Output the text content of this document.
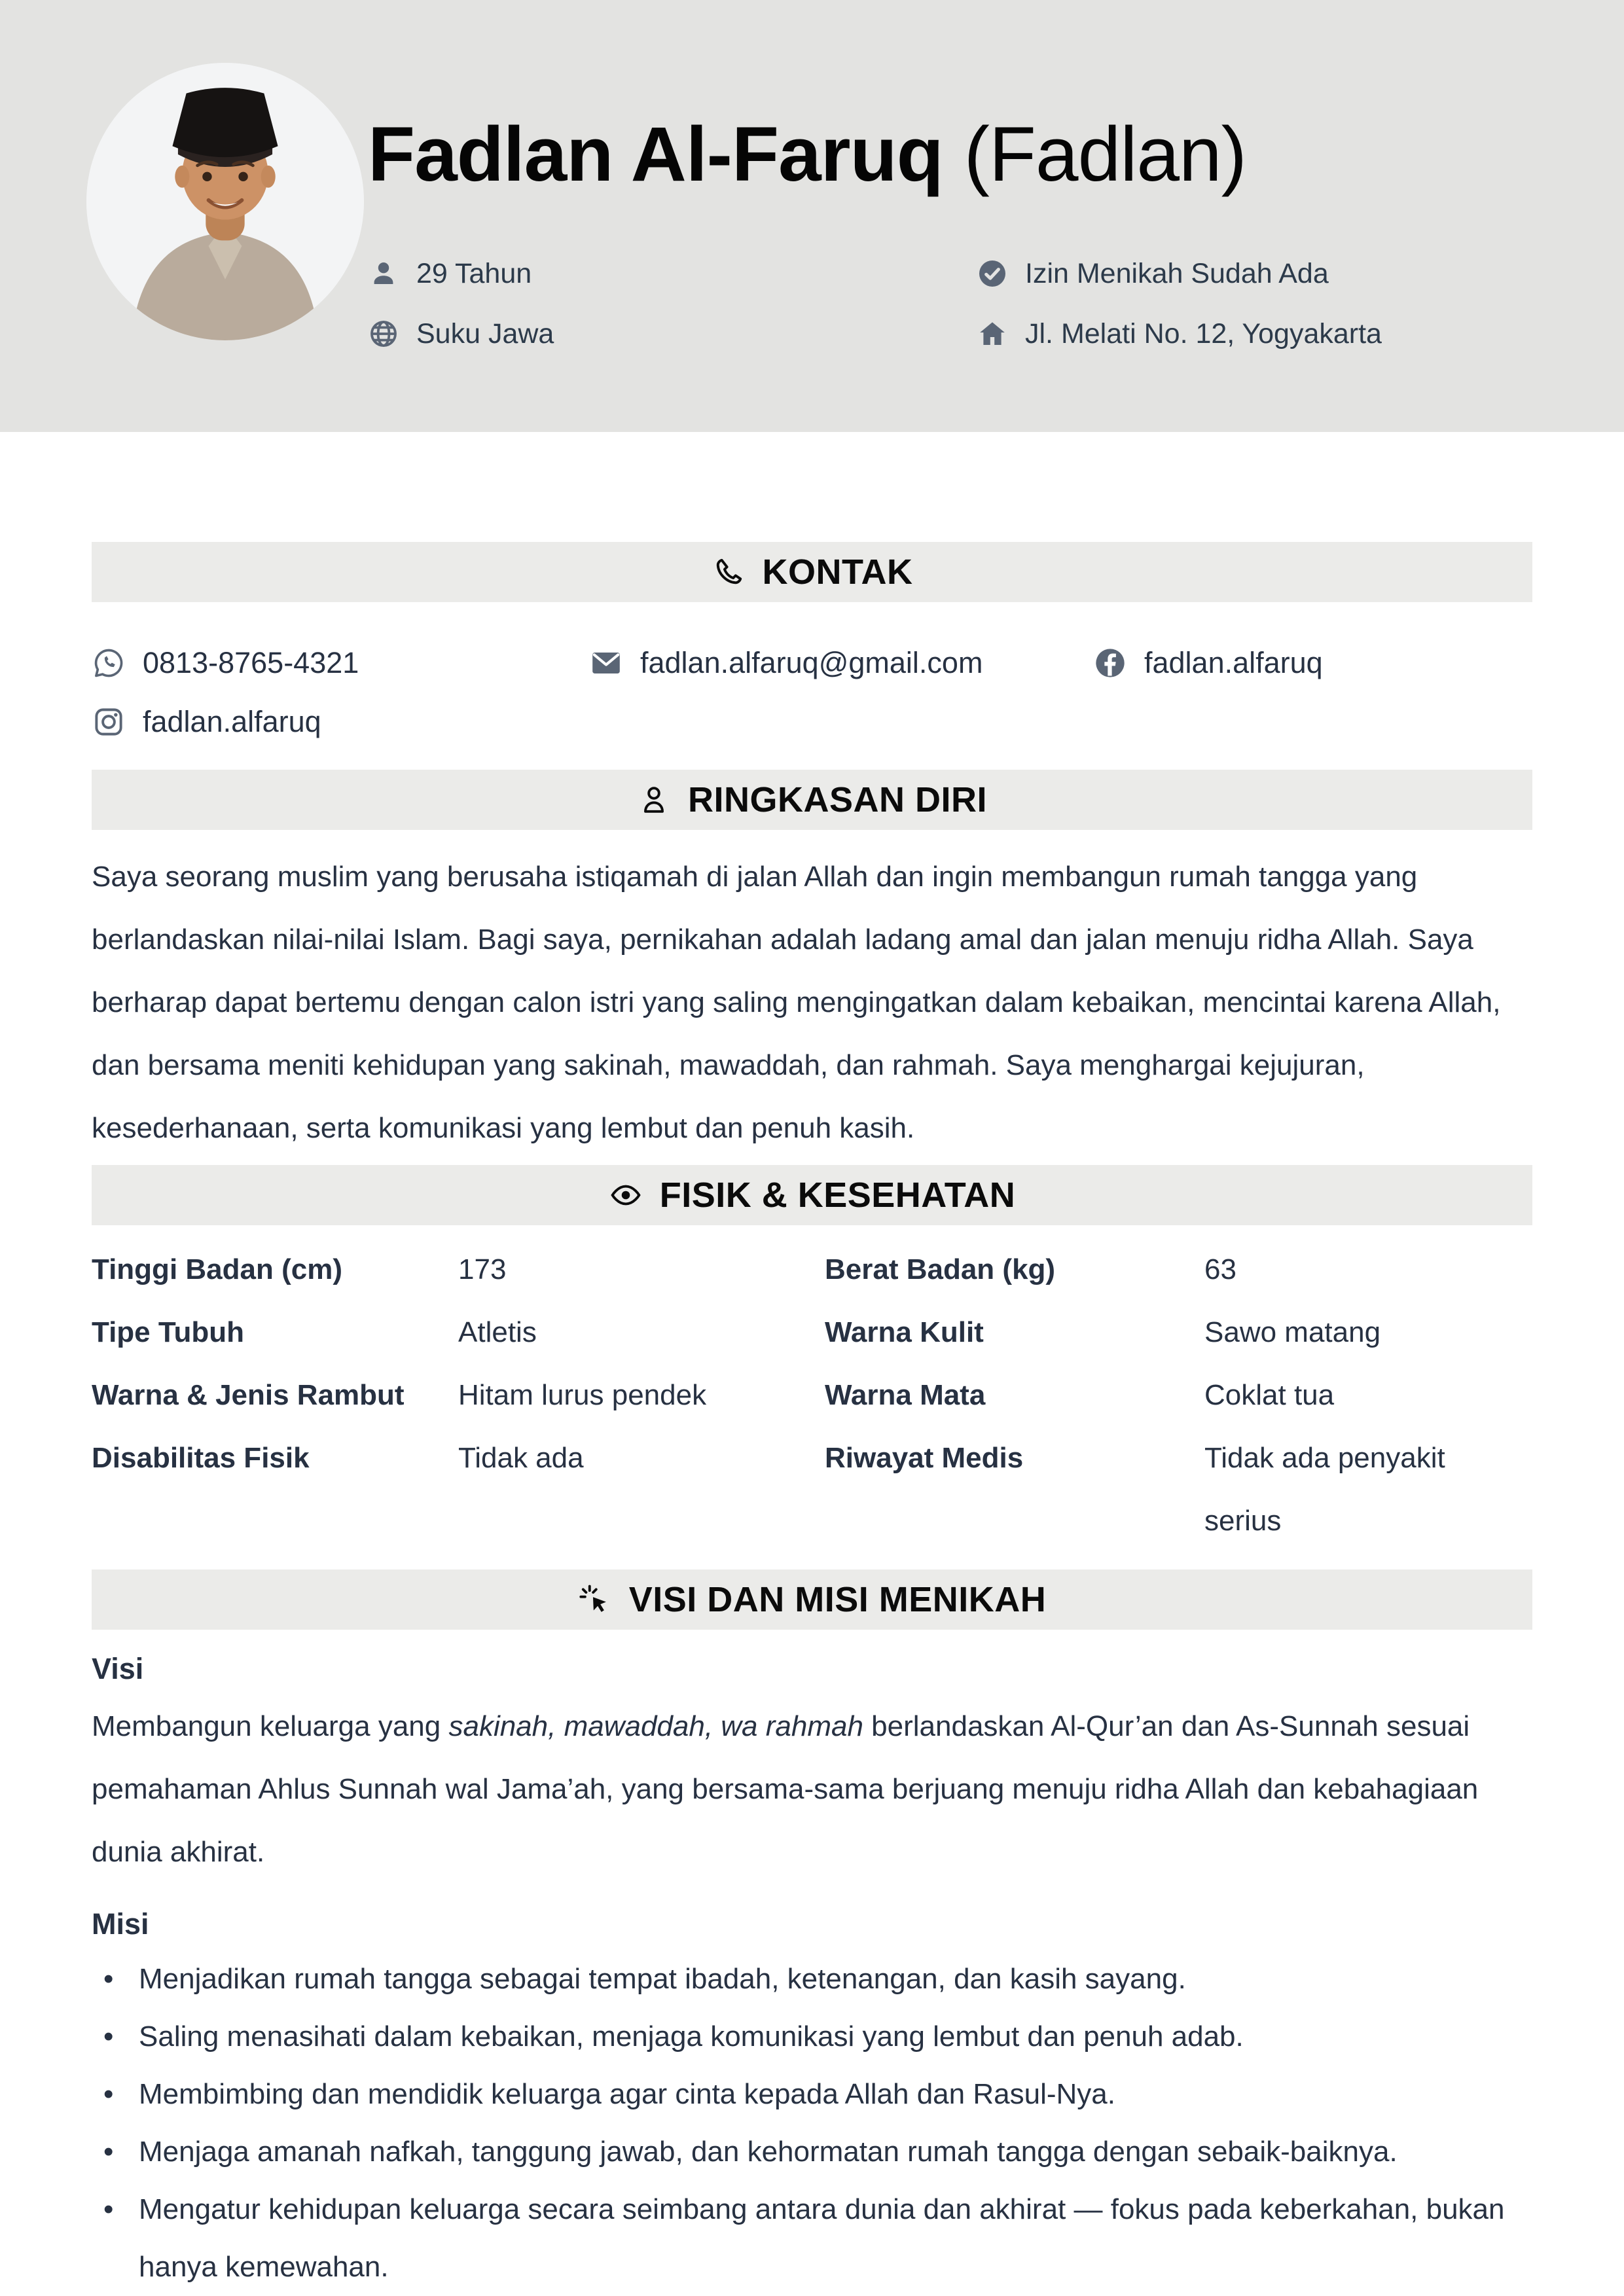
Fadlan Al-Faruq (Fadlan)
29 Tahun	Izin Menikah Sudah Ada
Suku Jawa	Jl. Melati No. 12, Yogyakarta
KONTAK
0813-8765-4321	fadlan.alfaruq@gmail.com	fadlan.alfaruq
fadlan.alfaruq
RINGKASAN DIRI

Saya seorang muslim yang berusaha istiqamah di jalan Allah dan ingin membangun rumah tangga yang berlandaskan nilai-nilai Islam. Bagi saya, pernikahan adalah ladang amal dan jalan menuju ridha Allah. Saya berharap dapat bertemu dengan calon istri yang saling mengingatkan dalam kebaikan, mencintai karena Allah, dan bersama meniti kehidupan yang sakinah, mawaddah, dan rahmah. Saya menghargai kejujuran, kesederhanaan, serta komunikasi yang lembut dan penuh kasih.

FISIK & KESEHATAN
Tinggi Badan (cm)	173	Berat Badan (kg)	63
Tipe Tubuh	Atletis	Warna Kulit	Sawo matang
Warna & Jenis Rambut	Hitam lurus pendek	Warna Mata	Coklat tua
Disabilitas Fisik	Tidak ada	Riwayat Medis	Tidak ada penyakit serius
VISI DAN MISI MENIKAH
Visi

Membangun keluarga yang sakinah, mawaddah, wa rahmah berlandaskan Al-Qur’an dan As-Sunnah sesuai pemahaman Ahlus Sunnah wal Jama’ah, yang bersama-sama berjuang menuju ridha Allah dan kebahagiaan dunia akhirat.

Misi
• Menjadikan rumah tangga sebagai tempat ibadah, ketenangan, dan kasih sayang.
• Saling menasihati dalam kebaikan, menjaga komunikasi yang lembut dan penuh adab.
• Membimbing dan mendidik keluarga agar cinta kepada Allah dan Rasul-Nya.
• Menjaga amanah nafkah, tanggung jawab, dan kehormatan rumah tangga dengan sebaik-baiknya.
• Mengatur kehidupan keluarga secara seimbang antara dunia dan akhirat — fokus pada keberkahan, bukan hanya kemewahan.
